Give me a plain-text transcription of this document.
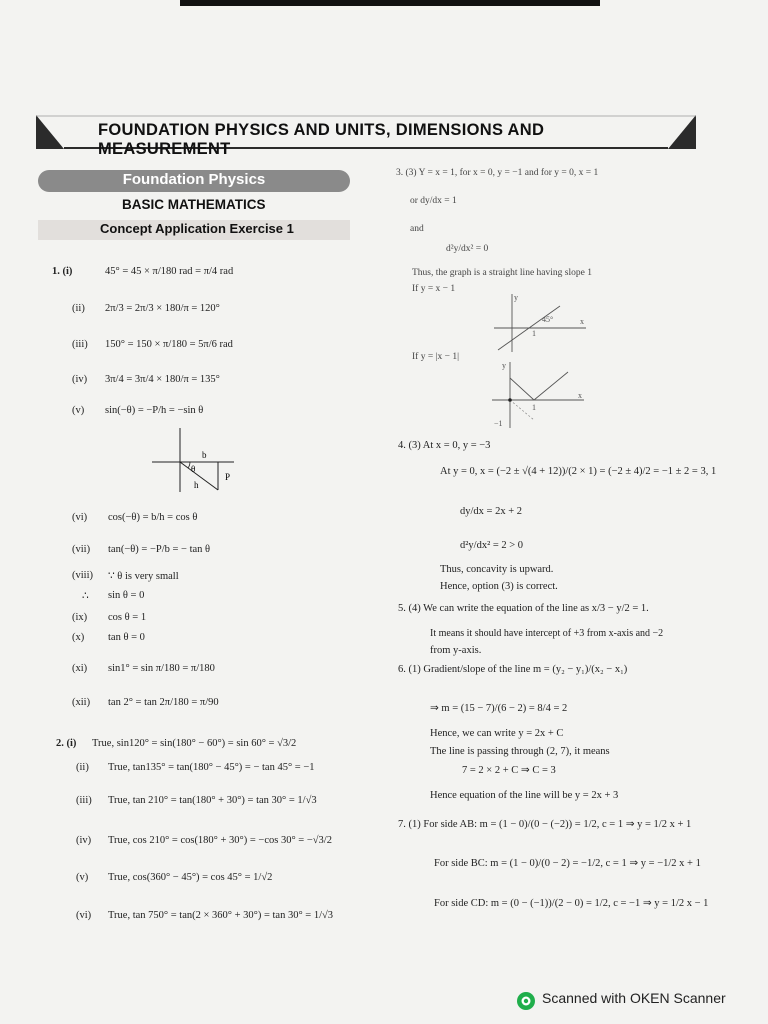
FOUNDATION PHYSICS AND UNITS, DIMENSIONS AND MEASUREMENT
Foundation Physics
BASIC MATHEMATICS
Concept Application Exercise 1
1. (i)	45° = 45 × π/180 rad = π/4 rad
(ii) 2π/3 = 2π/3 × 180/π = 120°
(iii) 150° = 150 × π/180 = 5π/6 rad
(iv) 3π/4 = 3π/4 × 180/π = 135°
(v) sin(−θ) = −P/h = −sin θ
b
θ
P
h
(vi) cos(−θ) = b/h = cos θ
(vii) tan(−θ) = −P/b = − tan θ
(viii) ∵ θ is very small
∴ sin θ = 0
(ix) cos θ = 1
(x) tan θ = 0
(xi) sin1° = sin π/180 = π/180
(xii) tan 2° = tan 2π/180 = π/90
2. (i) True, sin120° = sin(180° − 60°) = sin 60° = √3/2
(ii) True, tan135° = tan(180° − 45°) = − tan 45° = −1
(iii) True, tan 210° = tan(180° + 30°) = tan 30° = 1/√3
(iv) True, cos 210° = cos(180° + 30°) = −cos 30° = −√3/2
(v) True, cos(360° − 45°) = cos 45° = 1/√2
(vi) True, tan 750° = tan(2 × 360° + 30°) = tan 30° = 1/√3
3. (3) Y = x = 1, for x = 0, y = −1 and for y = 0, x = 1
or dy/dx = 1
and
d²y/dx² = 0
Thus, the graph is a straight line having slope 1
If y = x − 1
y
x
45°
1
If y = |x − 1|
y
x
1
−1
4. (3) At x = 0, y = −3
At y = 0, x = (−2 ± √(4 + 12))/(2 × 1) = (−2 ± 4)/2 = −1 ± 2 = 3, 1
dy/dx = 2x + 2
d²y/dx² = 2 > 0
Thus, concavity is upward.
Hence, option (3) is correct.
5. (4) We can write the equation of the line as x/3 − y/2 = 1.
It means it should have intercept of +3 from x-axis and −2
from y-axis.
6. (1) Gradient/slope of the line m = (y₂ − y₁)/(x₂ − x₁)
⇒ m = (15 − 7)/(6 − 2) = 8/4 = 2
Hence, we can write y = 2x + C
The line is passing through (2, 7), it means
7 = 2 × 2 + C ⇒ C = 3
Hence equation of the line will be y = 2x + 3
7. (1) For side AB: m = (1 − 0)/(0 − (−2)) = 1/2, c = 1 ⇒ y = 1/2 x + 1
For side BC: m = (1 − 0)/(0 − 2) = −1/2, c = 1 ⇒ y = −1/2 x + 1
For side CD: m = (0 − (−1))/(2 − 0) = 1/2, c = −1 ⇒ y = 1/2 x − 1
Scanned with OKEN Scanner
